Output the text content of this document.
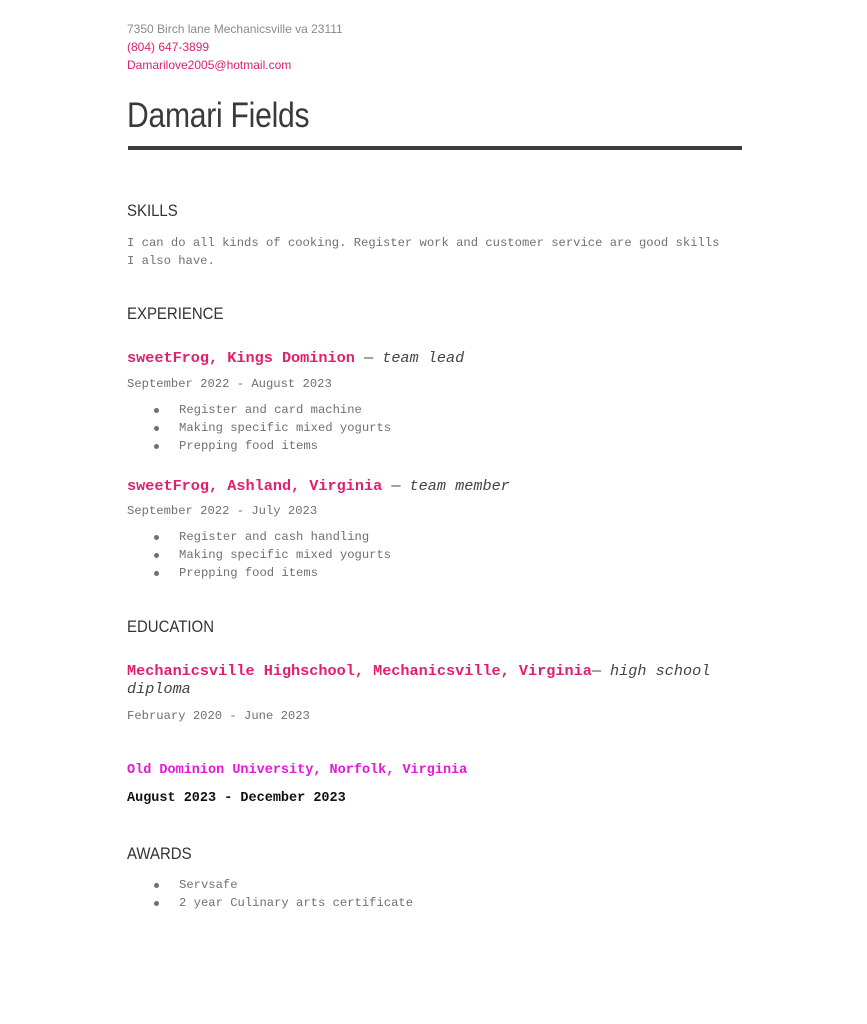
7350 Birch lane Mechanicsville va 23111
(804) 647-3899
Damarilove2005@hotmail.com
Damari Fields
SKILLS
I can do all kinds of cooking. Register work and customer service are good skills I also have.
EXPERIENCE
sweetFrog, Kings Dominion — team lead
September 2022 - August 2023
Register and card machine
Making specific mixed yogurts
Prepping food items
sweetFrog, Ashland, Virginia — team member
September 2022 - July 2023
Register and cash handling
Making specific mixed yogurts
Prepping food items
EDUCATION
Mechanicsville Highschool, Mechanicsville, Virginia— high school diploma
February 2020 - June 2023
Old Dominion University, Norfolk, Virginia
August 2023 - December 2023
AWARDS
Servsafe
2 year Culinary arts certificate
